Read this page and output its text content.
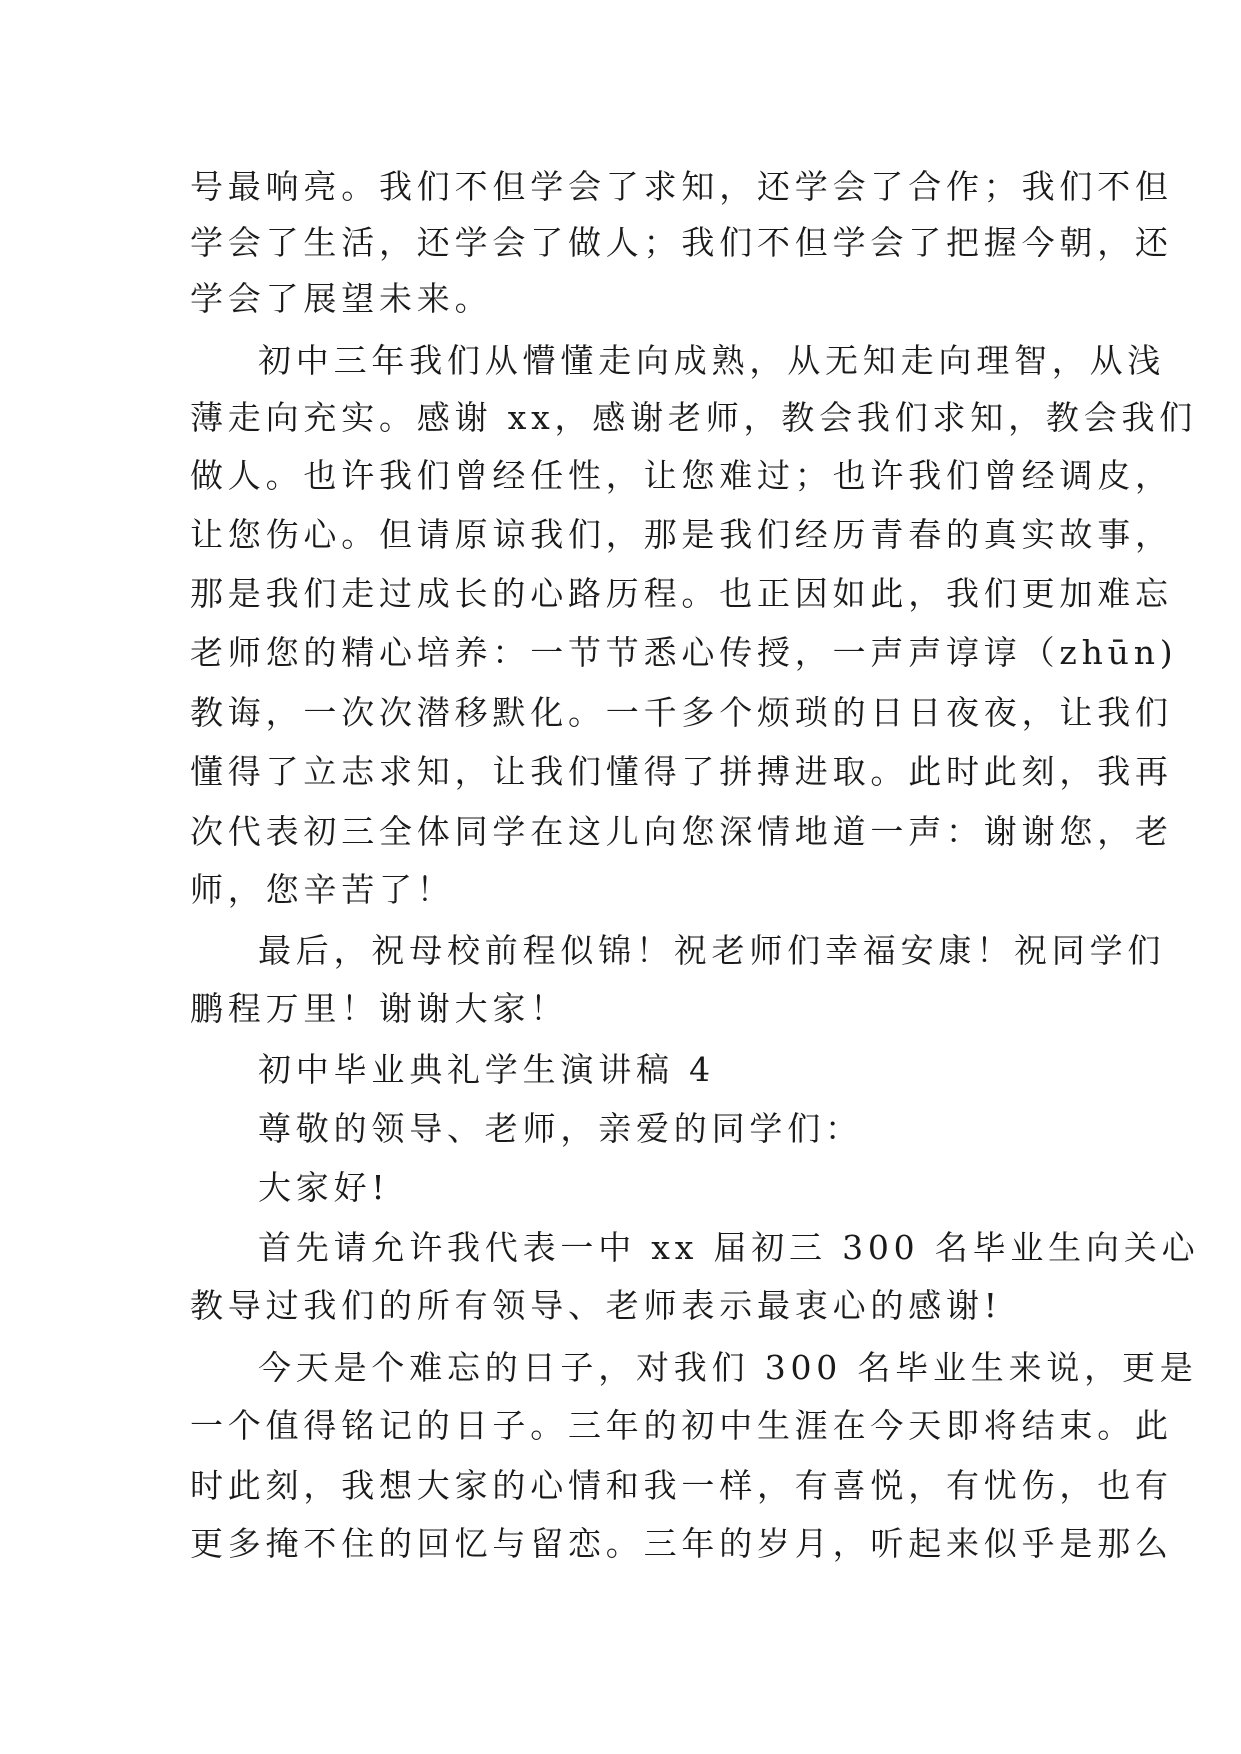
号最响亮。我们不但学会了求知，还学会了合作；我们不但
学会了生活，还学会了做人；我们不但学会了把握今朝，还
学会了展望未来。
初中三年我们从懵懂走向成熟，从无知走向理智，从浅
薄走向充实。感谢 xx，感谢老师，教会我们求知，教会我们
做人。也许我们曾经任性，让您难过；也许我们曾经调皮，
让您伤心。但请原谅我们，那是我们经历青春的真实故事，
那是我们走过成长的心路历程。也正因如此，我们更加难忘
老师您的精心培养：一节节悉心传授，一声声谆谆（zhūn)
教诲，一次次潜移默化。一千多个烦琐的日日夜夜，让我们
懂得了立志求知，让我们懂得了拼搏进取。此时此刻，我再
次代表初三全体同学在这儿向您深情地道一声：谢谢您，老
师，您辛苦了！
最后，祝母校前程似锦！祝老师们幸福安康！祝同学们
鹏程万里！谢谢大家！
初中毕业典礼学生演讲稿 4
尊敬的领导、老师，亲爱的同学们：
大家好!
首先请允许我代表一中 xx 届初三 300 名毕业生向关心
教导过我们的所有领导、老师表示最衷心的感谢!
今天是个难忘的日子，对我们 300 名毕业生来说，更是
一个值得铭记的日子。三年的初中生涯在今天即将结束。此
时此刻，我想大家的心情和我一样，有喜悦，有忧伤，也有
更多掩不住的回忆与留恋。三年的岁月，听起来似乎是那么
